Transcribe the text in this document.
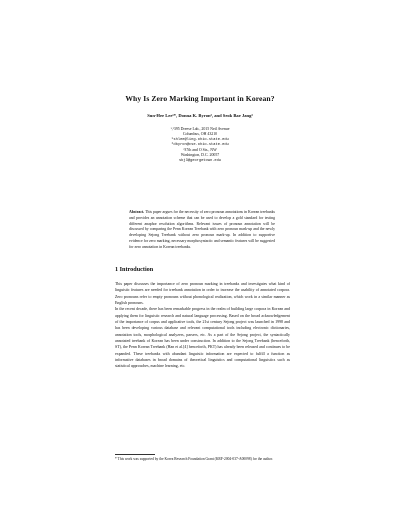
Why Is Zero Marking Important in Korean?
Sun-Hee Lee¹*, Donna K. Byron², and Seok Bae Jang³
¹,²395 Dreese Lab., 2015 Neil Avenue
Columbus, OH 43210
¹shlee@ling.ohio-state.edu
²dbyron@cse.ohio-state.edu
³37th and O Sts., NW
Washington, D.C. 20057
sbj3@georgetown.edu
Abstract. This paper argues for the necessity of zero pronoun annotations in Korean treebanks and provides an annotation scheme that can be used to develop a gold standard for testing different anaphor resolution algorithms. Relevant issues of pronoun annotation will be discussed by comparing the Penn Korean Treebank with zero pronoun mark-up and the newly developing Sejong Treebank without zero pronoun mark-up. In addition to supportive evidence for zero marking, necessary morphosyntactic and semantic features will be suggested for zero annotation in Korean treebanks.
1 Introduction

This paper discusses the importance of zero pronoun marking in treebanks and investigates what kind of linguistic features are needed for treebank annotation in order to increase the usability of annotated corpora. Zero pronouns refer to empty pronouns without phonological realization, which work in a similar manner as English pronouns.

In the recent decade, there has been remarkable progress in the realm of building large corpora in Korean and applying them for linguistic research and natural language processing. Based on the broad acknowledgement of the importance of corpus and applicative tools, the 21st century Sejong project was launched in 1998 and has been developing various database and relevant computational tools including electronic dictionaries, annotation tools, morphological analyzers, parsers, etc. As a part of the Sejong project, the syntactically annotated treebank of Korean has been under construction. In addition to the Sejong Treebank (henceforth, ST), the Penn Korean Treebank (Han et al.[4] henceforth, PKT) has already been released and continues to be expanded. These treebanks with abundant linguistic information are expected to fulfill a function as informative databases in broad domains of theoretical linguistics and computational linguistics such as statistical approaches, machine learning, etc.

* This work was supported by the Korea Research Foundation Grant (KRF-2004-037-A00098) for the author.
